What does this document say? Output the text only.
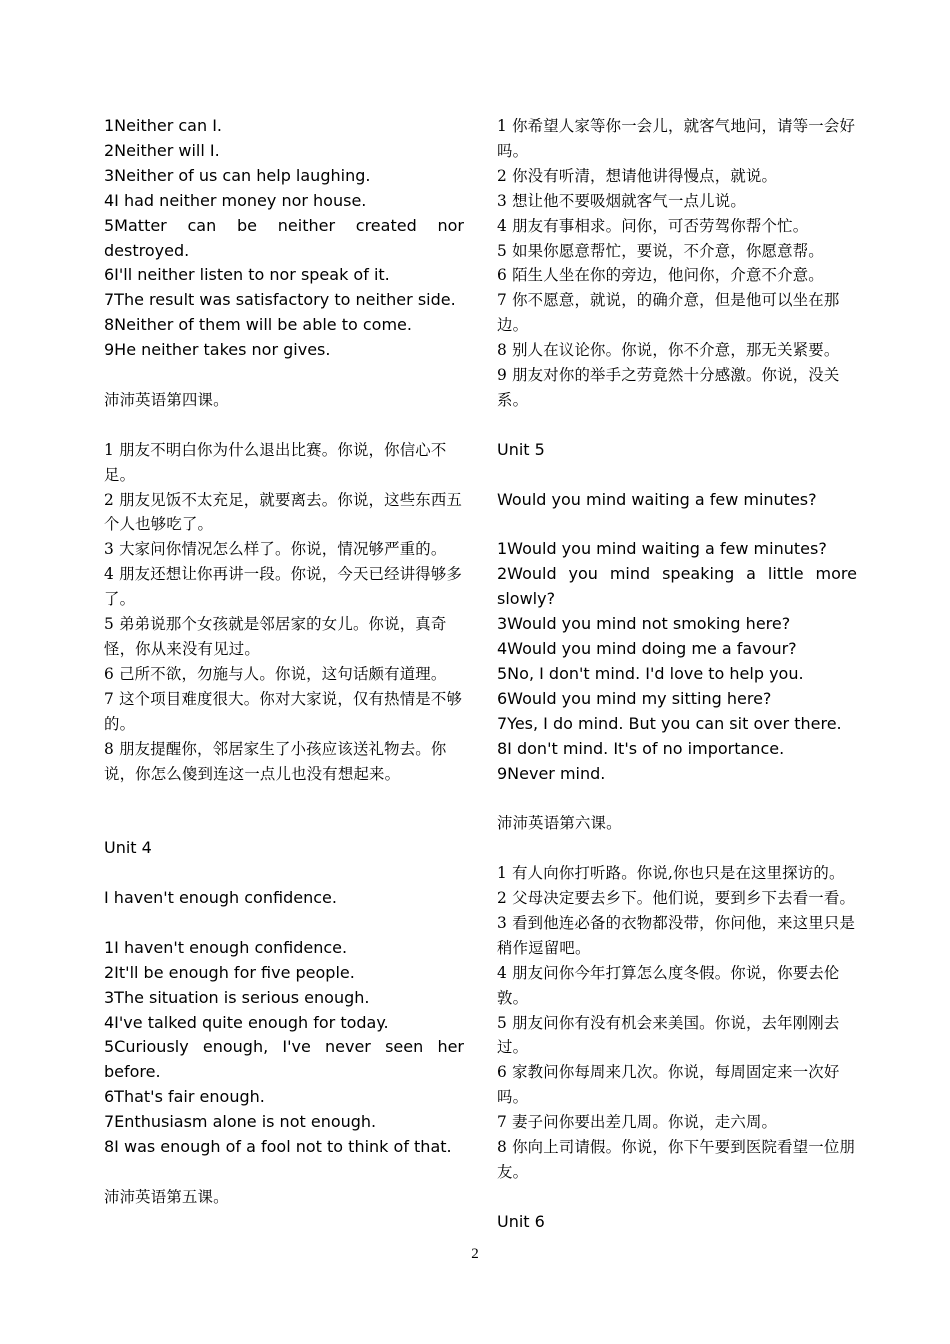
1Neither can I.

2Neither will I.

3Neither of us can help laughing.

4I had neither money nor house.

5Matter can be neither created nor destroyed.

6I'll neither listen to nor speak of it.

7The result was satisfactory to neither side.

8Neither of them will be able to come.

9He neither takes nor gives.

沛沛英语第四课。

1 朋友不明白你为什么退出比赛。你说，你信心不足。

2 朋友见饭不太充足，就要离去。你说，这些东西五个人也够吃了。

3 大家问你情况怎么样了。你说，情况够严重的。

4 朋友还想让你再讲一段。你说，今天已经讲得够多了。

5 弟弟说那个女孩就是邻居家的女儿。你说，真奇怪，你从来没有见过。

6 己所不欲，勿施与人。你说，这句话颇有道理。

7 这个项目难度很大。你对大家说，仅有热情是不够的。

8 朋友提醒你，邻居家生了小孩应该送礼物去。你说，你怎么傻到连这一点儿也没有想起来。

Unit 4

I haven't enough confidence.

1I haven't enough confidence.

2It'll be enough for five people.

3The situation is serious enough.

4I've talked quite enough for today.

5Curiously enough, I've never seen her before.

6That's fair enough.

7Enthusiasm alone is not enough.

8I was enough of a fool not to think of that.

沛沛英语第五课。

1 你希望人家等你一会儿，就客气地问，请等一会好吗。

2 你没有听清，想请他讲得慢点，就说。

3 想让他不要吸烟就客气一点儿说。

4 朋友有事相求。问你，可否劳驾你帮个忙。

5 如果你愿意帮忙，要说，不介意，你愿意帮。

6 陌生人坐在你的旁边，他问你，介意不介意。

7 你不愿意，就说，的确介意，但是他可以坐在那边。

8 别人在议论你。你说，你不介意，那无关紧要。

9 朋友对你的举手之劳竟然十分感激。你说，没关系。

Unit 5

Would you mind waiting a few minutes?

1Would you mind waiting a few minutes?

2Would you mind speaking a little more slowly?

3Would you mind not smoking here?

4Would you mind doing me a favour?

5No, I don't mind. I'd love to help you.

6Would you mind my sitting here?

7Yes, I do mind. But you can sit over there.

8I don't mind. It's of no importance.

9Never mind.

沛沛英语第六课。

1 有人向你打听路。你说,你也只是在这里探访的。

2 父母决定要去乡下。他们说，要到乡下去看一看。

3 看到他连必备的衣物都没带，你问他，来这里只是稍作逗留吧。

4 朋友问你今年打算怎么度冬假。你说，你要去伦敦。

5 朋友问你有没有机会来美国。你说，去年刚刚去过。

6 家教问你每周来几次。你说，每周固定来一次好吗。

7 妻子问你要出差几周。你说，走六周。

8 你向上司请假。你说，你下午要到医院看望一位朋友。

Unit 6

2
